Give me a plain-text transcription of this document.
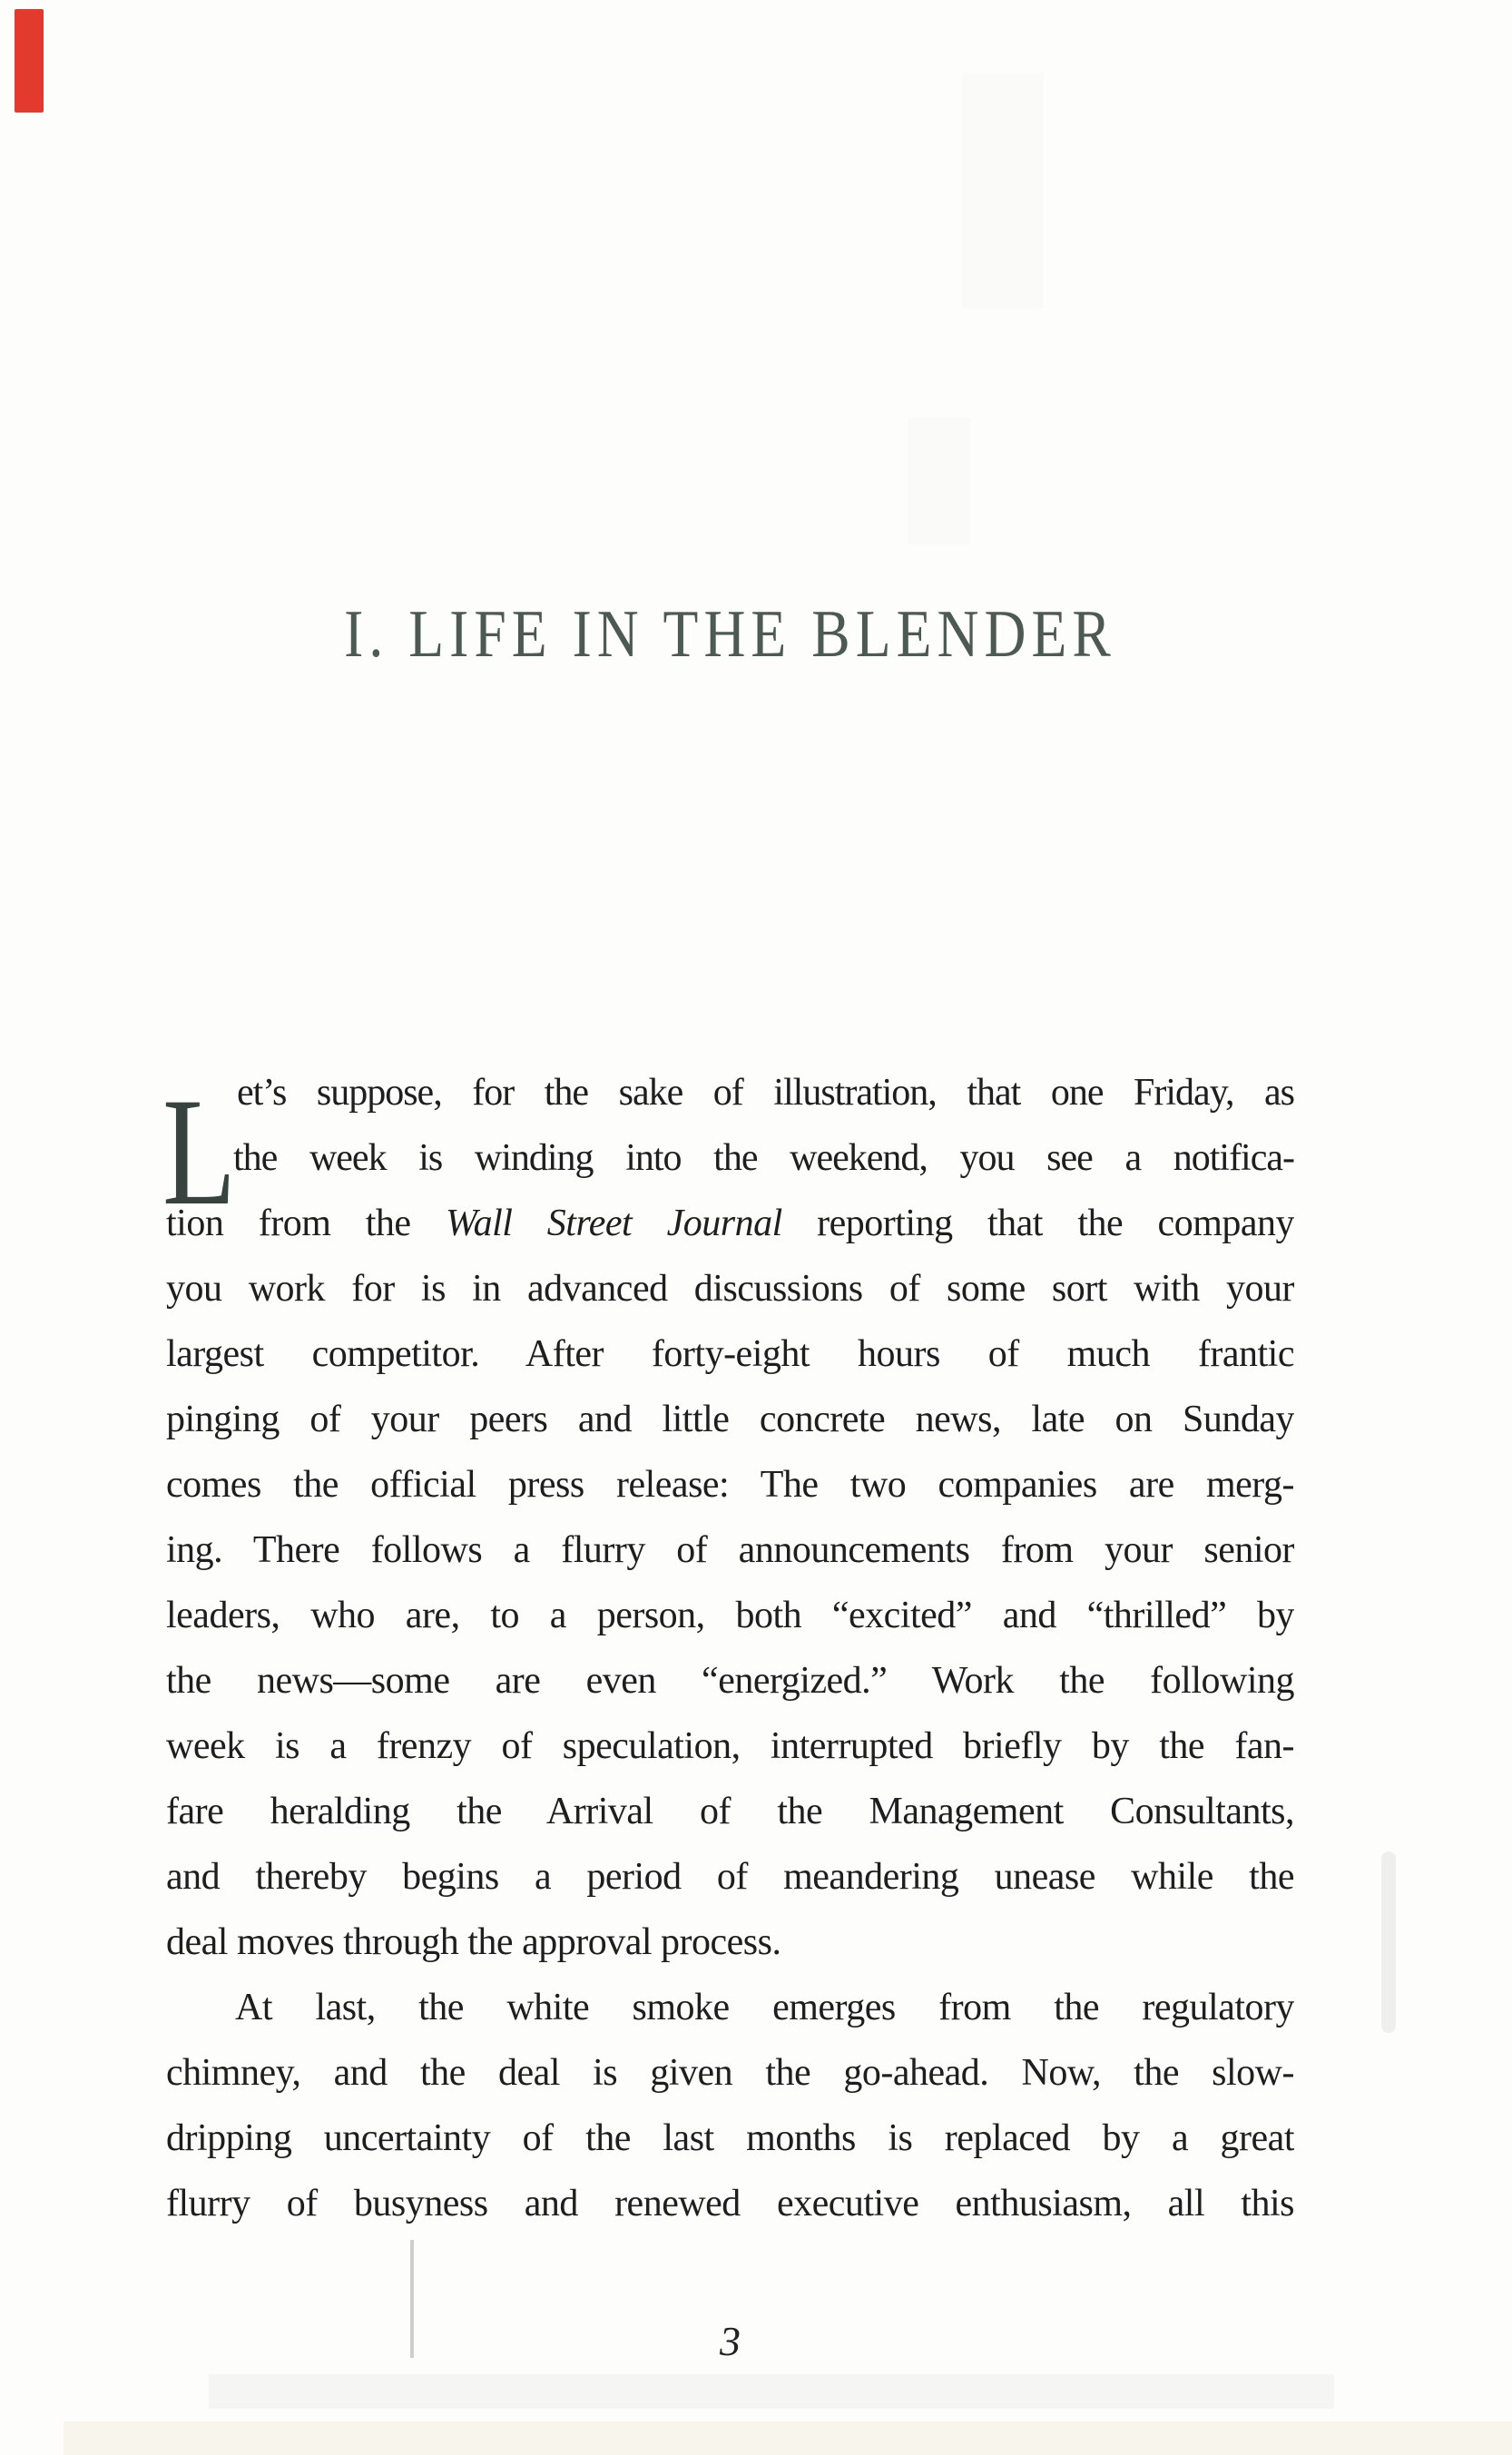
I. LIFE IN THE BLENDER
L et’s suppose, for the sake of illustration, that one Friday, as
the week is winding into the weekend, you see a notifica-
tion from the Wall Street Journal reporting that the company
you work for is in advanced discussions of some sort with your
largest competitor. After forty-eight hours of much frantic
pinging of your peers and little concrete news, late on Sunday
comes the official press release: The two companies are merg-
ing. There follows a flurry of announcements from your senior
leaders, who are, to a person, both “excited” and “thrilled” by
the news—some are even “energized.” Work the following
week is a frenzy of speculation, interrupted briefly by the fan-
fare heralding the Arrival of the Management Consultants,
and thereby begins a period of meandering unease while the
deal moves through the approval process.
At last, the white smoke emerges from the regulatory
chimney, and the deal is given the go-ahead. Now, the slow-
dripping uncertainty of the last months is replaced by a great
flurry of busyness and renewed executive enthusiasm, all this
3
